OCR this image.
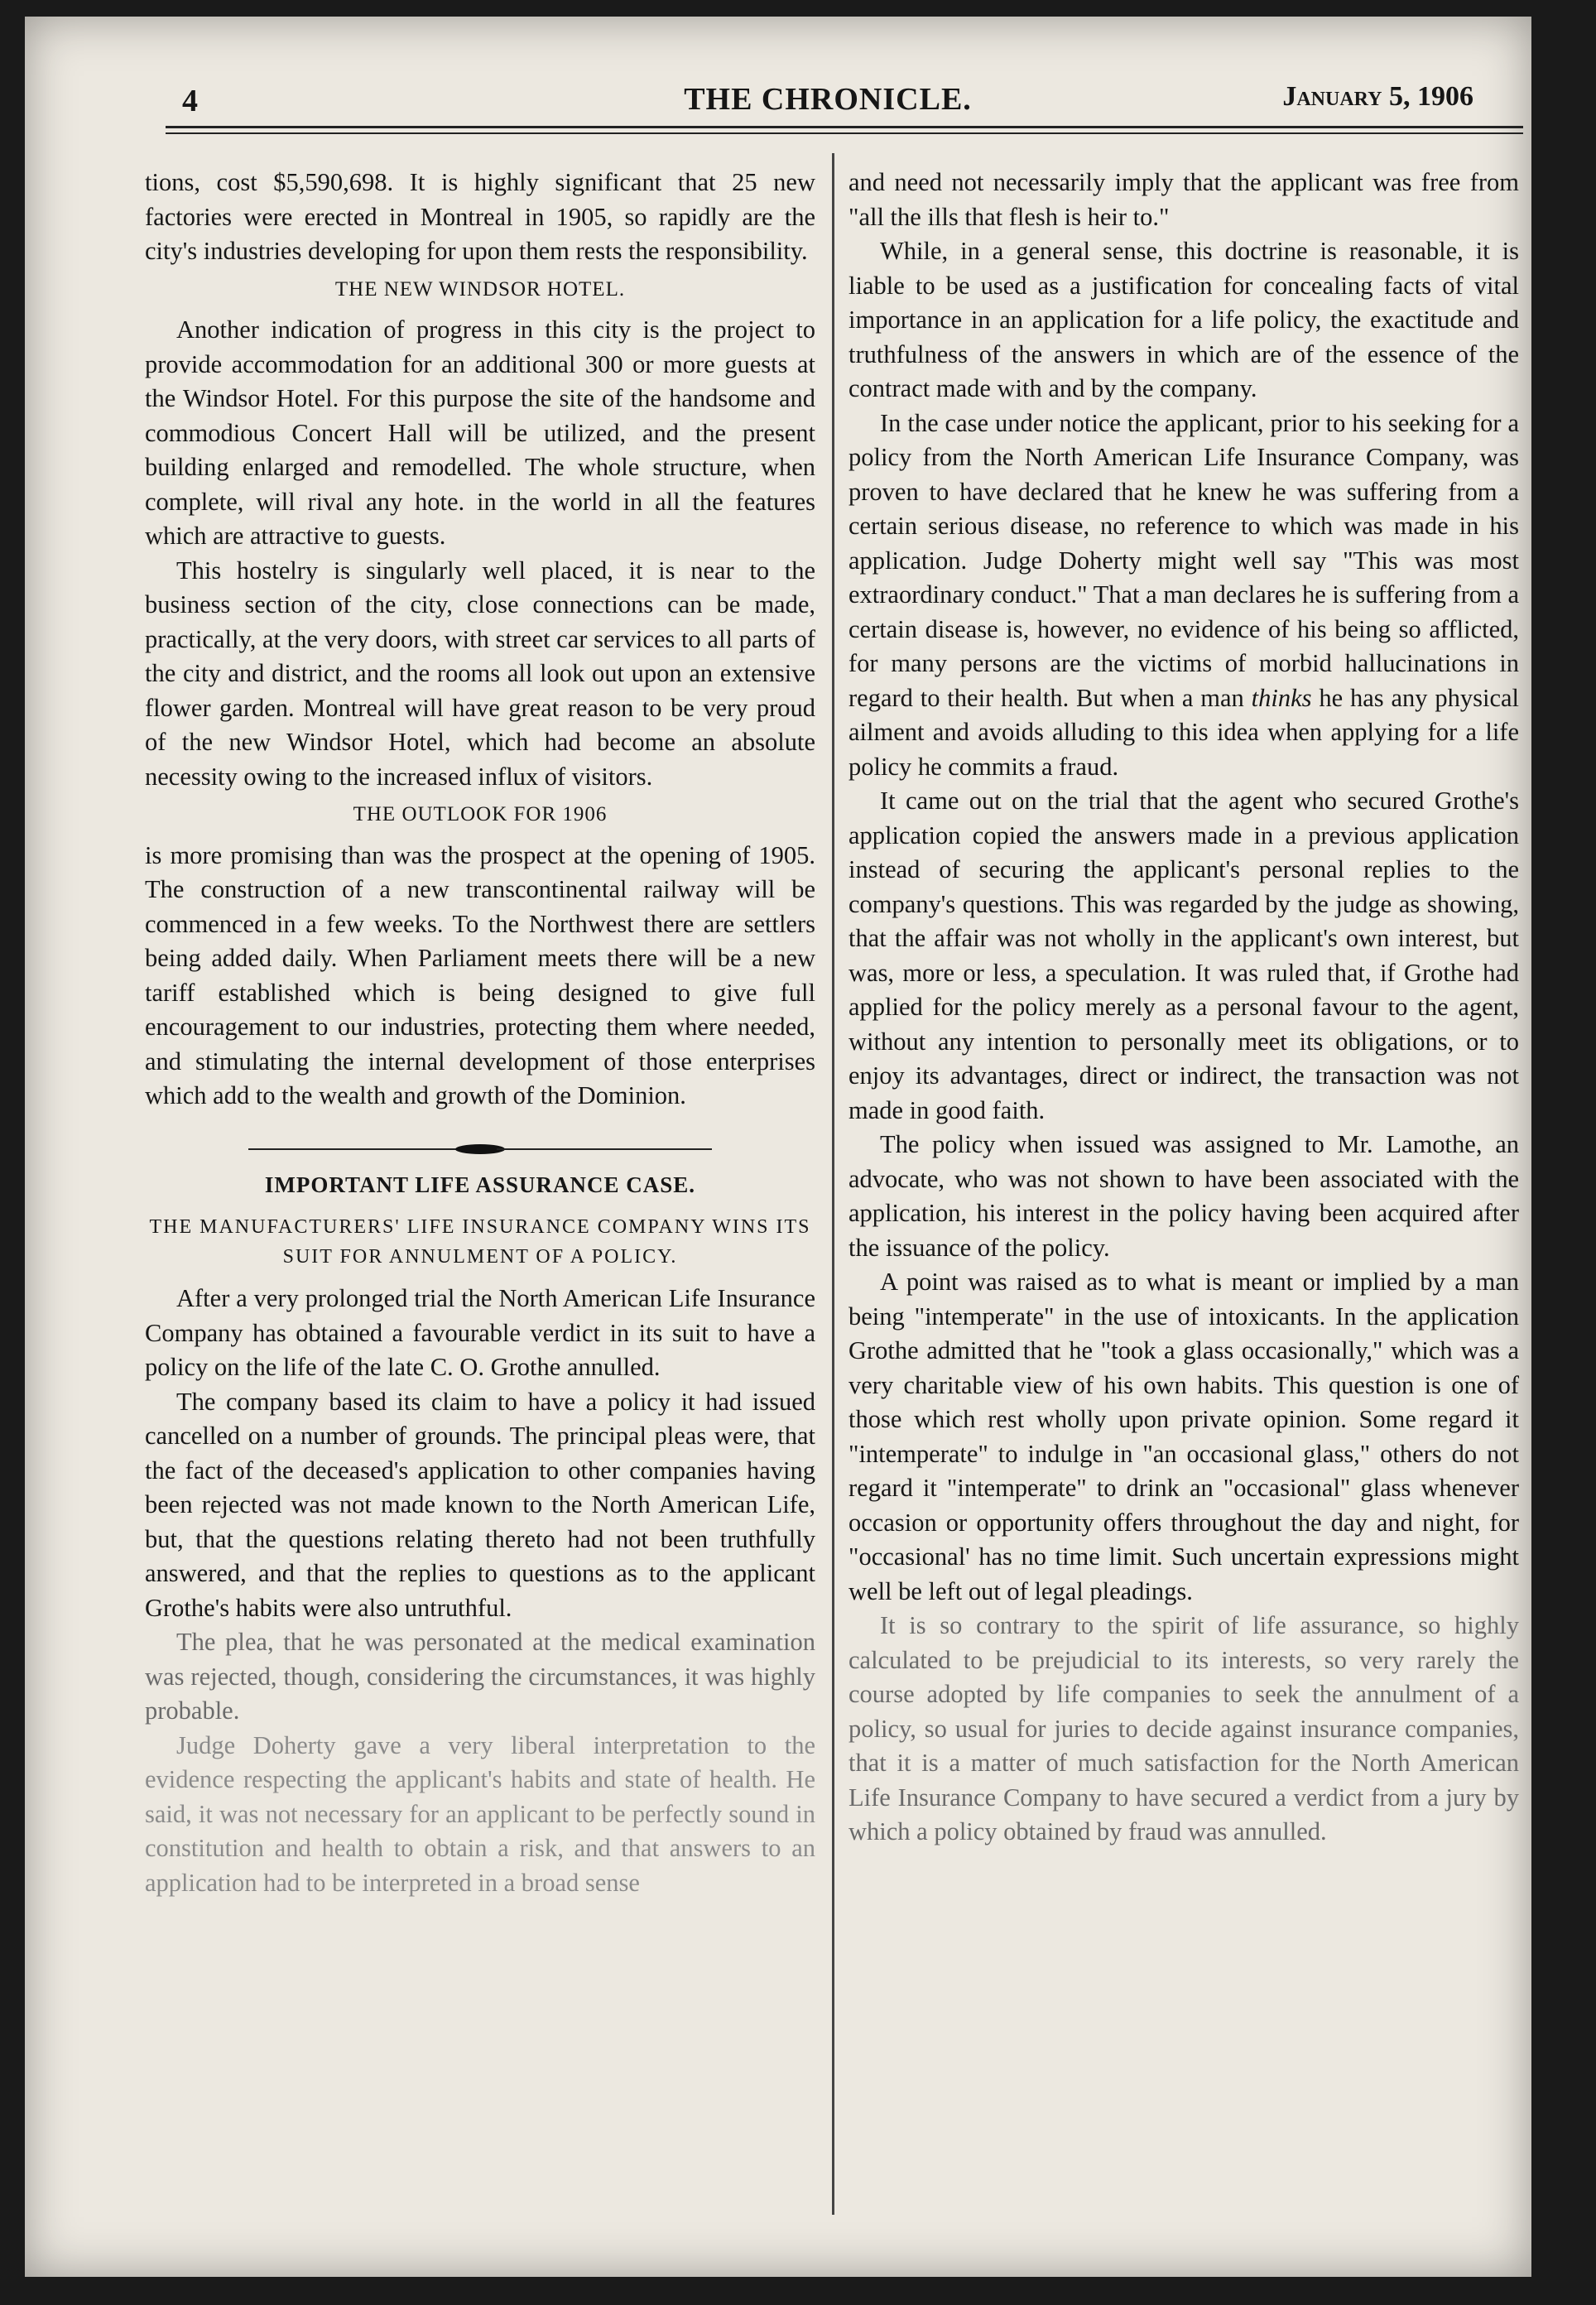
4	THE CHRONICLE.	January 5, 1906

tions, cost $5,590,698. It is highly significant that 25 new factories were erected in Montreal in 1905, so rapidly are the city's industries developing for upon them rests the responsibility.

THE NEW WINDSOR HOTEL.

Another indication of progress in this city is the project to provide accommodation for an additional 300 or more guests at the Windsor Hotel. For this purpose the site of the handsome and commodious Concert Hall will be utilized, and the present building enlarged and remodelled. The whole structure, when complete, will rival any hote. in the world in all the features which are attractive to guests.

This hostelry is singularly well placed, it is near to the business section of the city, close connections can be made, practically, at the very doors, with street car services to all parts of the city and district, and the rooms all look out upon an extensive flower garden. Montreal will have great reason to be very proud of the new Windsor Hotel, which had become an absolute necessity owing to the increased influx of visitors.

THE OUTLOOK FOR 1906

is more promising than was the prospect at the opening of 1905. The construction of a new transcontinental railway will be commenced in a few weeks. To the Northwest there are settlers being added daily. When Parliament meets there will be a new tariff established which is being designed to give full encouragement to our industries, protecting them where needed, and stimulating the internal development of those enterprises which add to the wealth and growth of the Dominion.

IMPORTANT LIFE ASSURANCE CASE.
THE MANUFACTURERS' LIFE INSURANCE COMPANY WINS ITS SUIT FOR ANNULMENT OF A POLICY.

After a very prolonged trial the North American Life Insurance Company has obtained a favourable verdict in its suit to have a policy on the life of the late C. O. Grothe annulled.

The company based its claim to have a policy it had issued cancelled on a number of grounds. The principal pleas were, that the fact of the deceased's application to other companies having been rejected was not made known to the North American Life, but, that the questions relating thereto had not been truthfully answered, and that the replies to questions as to the applicant Grothe's habits were also untruthful.

The plea, that he was personated at the medical examination was rejected, though, considering the circumstances, it was highly probable.

Judge Doherty gave a very liberal interpretation to the evidence respecting the applicant's habits and state of health. He said, it was not necessary for an applicant to be perfectly sound in constitution and health to obtain a risk, and that answers to an application had to be interpreted in a broad sense

and need not necessarily imply that the applicant was free from "all the ills that flesh is heir to."

While, in a general sense, this doctrine is reasonable, it is liable to be used as a justification for concealing facts of vital importance in an application for a life policy, the exactitude and truthfulness of the answers in which are of the essence of the contract made with and by the company.

In the case under notice the applicant, prior to his seeking for a policy from the North American Life Insurance Company, was proven to have declared that he knew he was suffering from a certain serious disease, no reference to which was made in his application. Judge Doherty might well say "This was most extraordinary conduct." That a man declares he is suffering from a certain disease is, however, no evidence of his being so afflicted, for many persons are the victims of morbid hallucinations in regard to their health. But when a man thinks he has any physical ailment and avoids alluding to this idea when applying for a life policy he commits a fraud.

It came out on the trial that the agent who secured Grothe's application copied the answers made in a previous application instead of securing the applicant's personal replies to the company's questions. This was regarded by the judge as showing, that the affair was not wholly in the applicant's own interest, but was, more or less, a speculation. It was ruled that, if Grothe had applied for the policy merely as a personal favour to the agent, without any intention to personally meet its obligations, or to enjoy its advantages, direct or indirect, the transaction was not made in good faith.

The policy when issued was assigned to Mr. Lamothe, an advocate, who was not shown to have been associated with the application, his interest in the policy having been acquired after the issuance of the policy.

A point was raised as to what is meant or implied by a man being "intemperate" in the use of intoxicants. In the application Grothe admitted that he "took a glass occasionally," which was a very charitable view of his own habits. This question is one of those which rest wholly upon private opinion. Some regard it "intemperate" to indulge in "an occasional glass," others do not regard it "intemperate" to drink an "occasional" glass whenever occasion or opportunity offers throughout the day and night, for "occasional' has no time limit. Such uncertain expressions might well be left out of legal pleadings.

It is so contrary to the spirit of life assurance, so highly calculated to be prejudicial to its interests, so very rarely the course adopted by life companies to seek the annulment of a policy, so usual for juries to decide against insurance companies, that it is a matter of much satisfaction for the North American Life Insurance Company to have secured a verdict from a jury by which a policy obtained by fraud was annulled.
